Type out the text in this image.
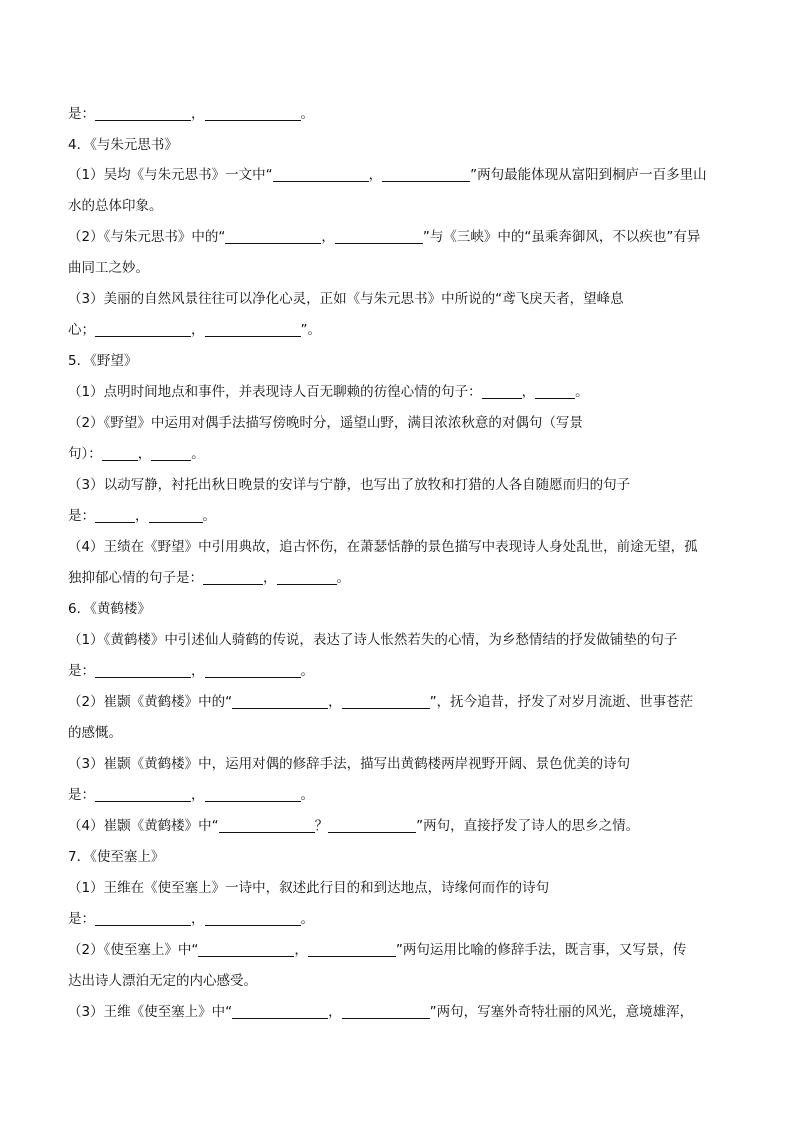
是：	，	。
4．《与朱元思书》
（1）吴均《与朱元思书》一文中“	，	”两句最能体现从富阳到桐庐一百多里山
水的总体印象。
（2）《与朱元思书》中的“	，	”与《三峡》中的“虽乘奔御风，不以疾也”有异
曲同工之妙。
（3）美丽的自然风景往往可以净化心灵，正如《与朱元思书》中所说的“鸢飞戾天者，望峰息
心；	，	”。
5．《野望》
（1）点明时间地点和事件，并表现诗人百无聊赖的彷徨心情的句子：	，	。
（2）《野望》中运用对偶手法描写傍晚时分，遥望山野，满目浓浓秋意的对偶句（写景
句）：	，	。
（3）以动写静，衬托出秋日晚景的安详与宁静，也写出了放牧和打猎的人各自随愿而归的句子
是：	，	。
（4）王绩在《野望》中引用典故，追古怀伤，在萧瑟恬静的景色描写中表现诗人身处乱世，前途无望，孤
独抑郁心情的句子是：	，	。
6．《黄鹤楼》
（1）《黄鹤楼》中引述仙人骑鹤的传说，表达了诗人怅然若失的心情，为乡愁情结的抒发做铺垫的句子
是：	，	。
（2）崔颢《黄鹤楼》中的“	，	”，抚今追昔，抒发了对岁月流逝、世事苍茫
的感慨。
（3）崔颢《黄鹤楼》中，运用对偶的修辞手法，描写出黄鹤楼两岸视野开阔、景色优美的诗句
是：	，	。
（4）崔颢《黄鹤楼》中“	？	”两句，直接抒发了诗人的思乡之情。
7．《使至塞上》
（1）王维在《使至塞上》一诗中，叙述此行目的和到达地点，诗缘何而作的诗句
是：	，	。
（2）《使至塞上》中“	，	”两句运用比喻的修辞手法，既言事，又写景，传
达出诗人漂泊无定的内心感受。
（3）王维《使至塞上》中“	，	”两句，写塞外奇特壮丽的风光，意境雄浑，
